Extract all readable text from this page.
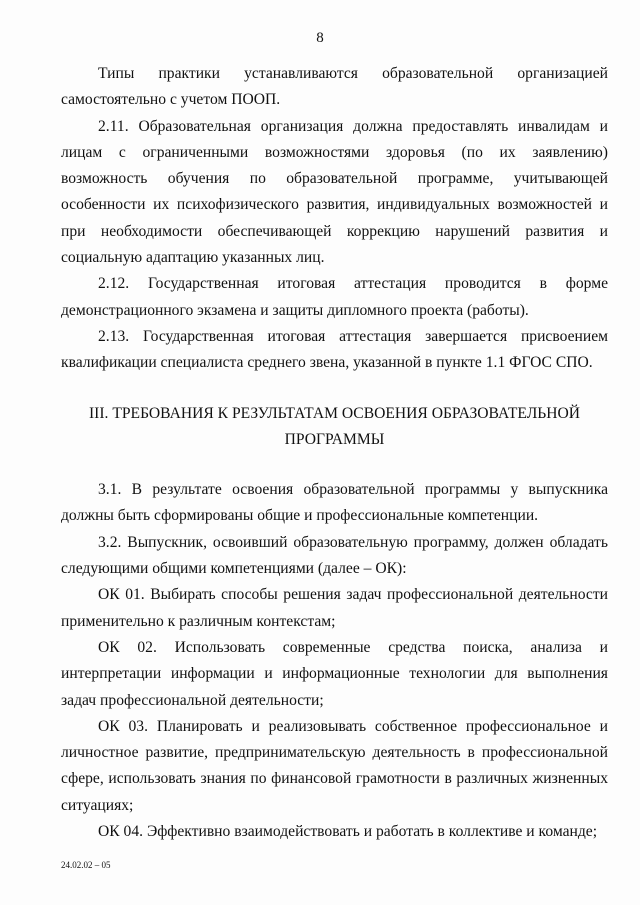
8

Типы практики устанавливаются образовательной организацией самостоятельно с учетом ПООП.

2.11. Образовательная организация должна предоставлять инвалидам и лицам с ограниченными возможностями здоровья (по их заявлению) возможность обучения по образовательной программе, учитывающей особенности их психофизического развития, индивидуальных возможностей и при необходимости обеспечивающей коррекцию нарушений развития и социальную адаптацию указанных лиц.

2.12. Государственная итоговая аттестация проводится в форме демонстрационного экзамена и защиты дипломного проекта (работы).

2.13. Государственная итоговая аттестация завершается присвоением квалификации специалиста среднего звена, указанной в пункте 1.1 ФГОС СПО.

III. ТРЕБОВАНИЯ К РЕЗУЛЬТАТАМ ОСВОЕНИЯ ОБРАЗОВАТЕЛЬНОЙ

ПРОГРАММЫ

3.1. В результате освоения образовательной программы у выпускника должны быть сформированы общие и профессиональные компетенции.

3.2. Выпускник, освоивший образовательную программу, должен обладать следующими общими компетенциями (далее – ОК):

ОК 01. Выбирать способы решения задач профессиональной деятельности применительно к различным контекстам;

ОК 02. Использовать современные средства поиска, анализа и интерпретации информации и информационные технологии для выполнения задач профессиональной деятельности;

ОК 03. Планировать и реализовывать собственное профессиональное и личностное развитие, предпринимательскую деятельность в профессиональной сфере, использовать знания по финансовой грамотности в различных жизненных ситуациях;

ОК 04. Эффективно взаимодействовать и работать в коллективе и команде;

24.02.02 – 05
